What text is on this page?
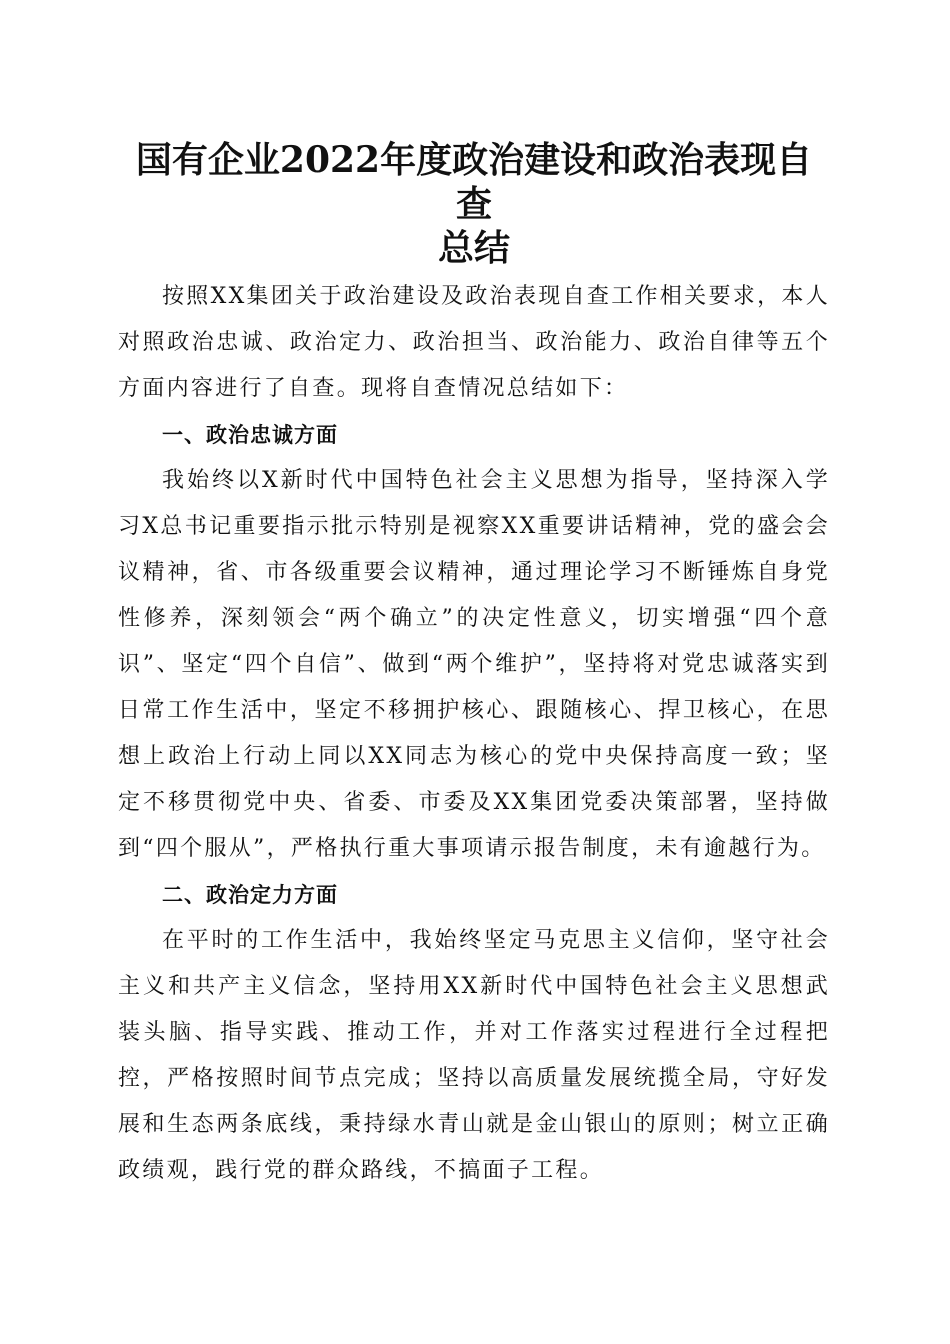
国有企业2022年度政治建设和政治表现自查
总结

按照XX集团关于政治建设及政治表现自查工作相关要求，本人对照政治忠诚、政治定力、政治担当、政治能力、政治自律等五个方面内容进行了自查。现将自查情况总结如下：

一、政治忠诚方面

我始终以X新时代中国特色社会主义思想为指导，坚持深入学习X总书记重要指示批示特别是视察XX重要讲话精神，党的盛会会议精神，省、市各级重要会议精神，通过理论学习不断锤炼自身党性修养，深刻领会“两个确立”的决定性意义，切实增强“四个意识”、坚定“四个自信”、做到“两个维护”，坚持将对党忠诚落实到日常工作生活中，坚定不移拥护核心、跟随核心、捍卫核心，在思想上政治上行动上同以XX同志为核心的党中央保持高度一致；坚定不移贯彻党中央、省委、市委及XX集团党委决策部署，坚持做到“四个服从”，严格执行重大事项请示报告制度，未有逾越行为。

二、政治定力方面

在平时的工作生活中，我始终坚定马克思主义信仰，坚守社会主义和共产主义信念，坚持用XX新时代中国特色社会主义思想武装头脑、指导实践、推动工作，并对工作落实过程进行全过程把控，严格按照时间节点完成；坚持以高质量发展统揽全局，守好发展和生态两条底线，秉持绿水青山就是金山银山的原则；树立正确政绩观，践行党的群众路线，不搞面子工程。
